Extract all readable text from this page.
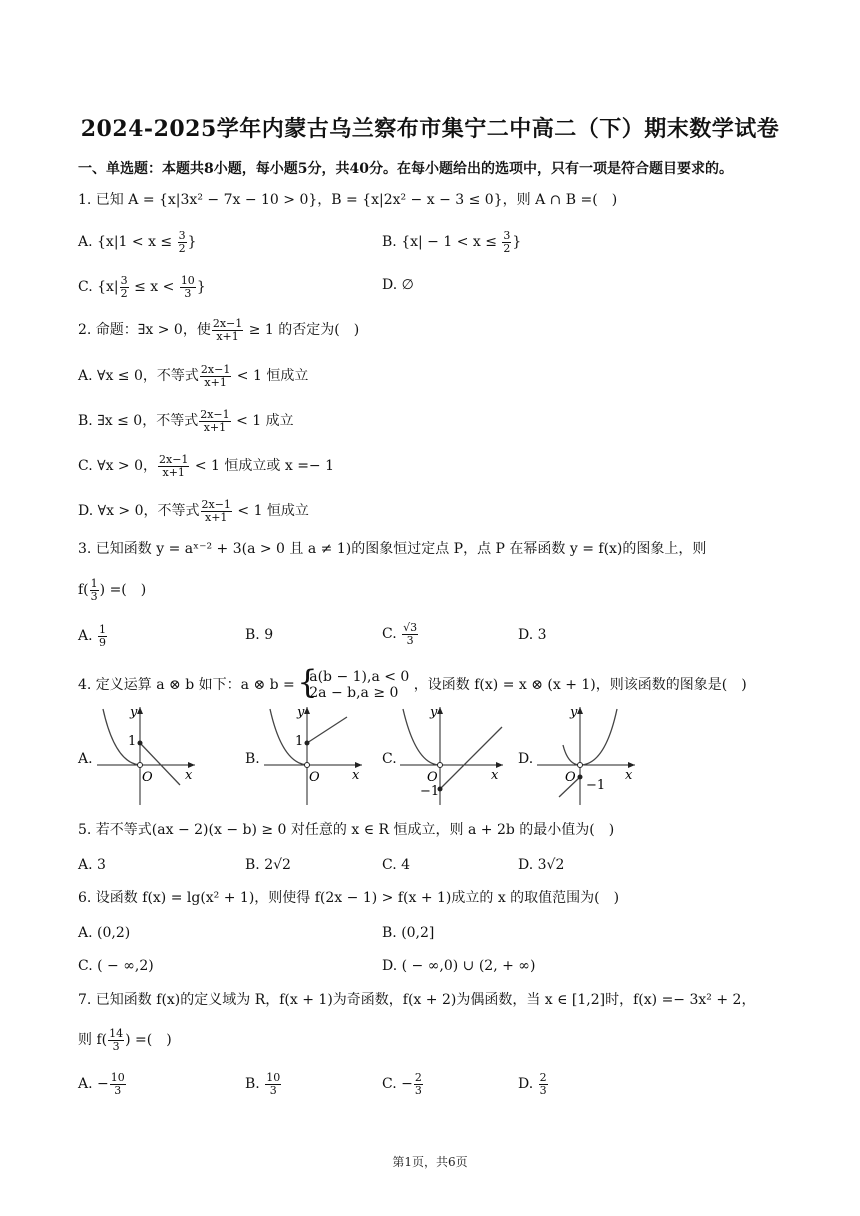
2024-2025学年内蒙古乌兰察布市集宁二中高二（下）期末数学试卷
一、单选题：本题共8小题，每小题5分，共40分。在每小题给出的选项中，只有一项是符合题目要求的。
1. 已知 A = {x|3x² − 7x − 10 > 0}，B = {x|2x² − x − 3 ≤ 0}，则 A ∩ B =(　)
A. {$x|1 < x \le \frac{3}{2}$ }	B. {$x| - 1 < x \le \frac{3}{2}$ }
C. {$x| \frac{3}{2} \le x < \frac{10}{3}$ }	D. ∅
2. 命题：∃x > 0，使 $\frac{2x-1}{x+1} \ge 1$ 的否定为(　)
A. ∀x ≤ 0，不等式 $\frac{2x-1}{x+1} < 1$ 恒成立
B. ∃x ≤ 0，不等式 $\frac{2x-1}{x+1} < 1$ 成立
C. ∀x > 0， $\frac{2x-1}{x+1} < 1$ 恒成立或 x =− 1
D. ∀x > 0，不等式 $\frac{2x-1}{x+1} < 1$ 恒成立
3. 已知函数 y = aˣ⁻² + 3(a > 0 且 a ≠ 1)的图象恒过定点 P，点 P 在幂函数 y = f(x)的图象上，则
$f( \frac{1}{3}$ ) =(　)
A. $\frac{1}{9}$	B. 9	C. $\frac{√3}{3}$	D. 3
4. 定义运算 a ⊗ b 如下：a ⊗ b = { a(b − 1),a < 0
2a − b,a ≥ 0 ，设函数 f(x) = x ⊗ (x + 1)，则该函数的图象是(　)
A.
1
y
x
O
B.
1
y
x
O
C.
−1
y
x
O
D.
−1
y
x
O
5. 若不等式(ax − 2)(x − b) ≥ 0 对任意的 x ∈ R 恒成立，则 a + 2b 的最小值为(　)
A. 3	B. 2√2	C. 4	D. 3√2
6. 设函数 f(x) = lg(x² + 1)，则使得 f(2x − 1) > f(x + 1)成立的 x 的取值范围为(　)
A. (0,2)	B. (0,2]
C. ( − ∞,2)	D. ( − ∞,0) ∪ (2, + ∞)
7. 已知函数 f(x)的定义域为 R，f(x + 1)为奇函数，f(x + 2)为偶函数，当 x ∈ [1,2]时，f(x) =− 3x² + 2，
则 $f( \frac{14}{3}$ ) =(　)
A. − $\frac{10}{3}$	B. $\frac{10}{3}$	C. − $\frac{2}{3}$	D. $\frac{2}{3}$
第1页，共6页
